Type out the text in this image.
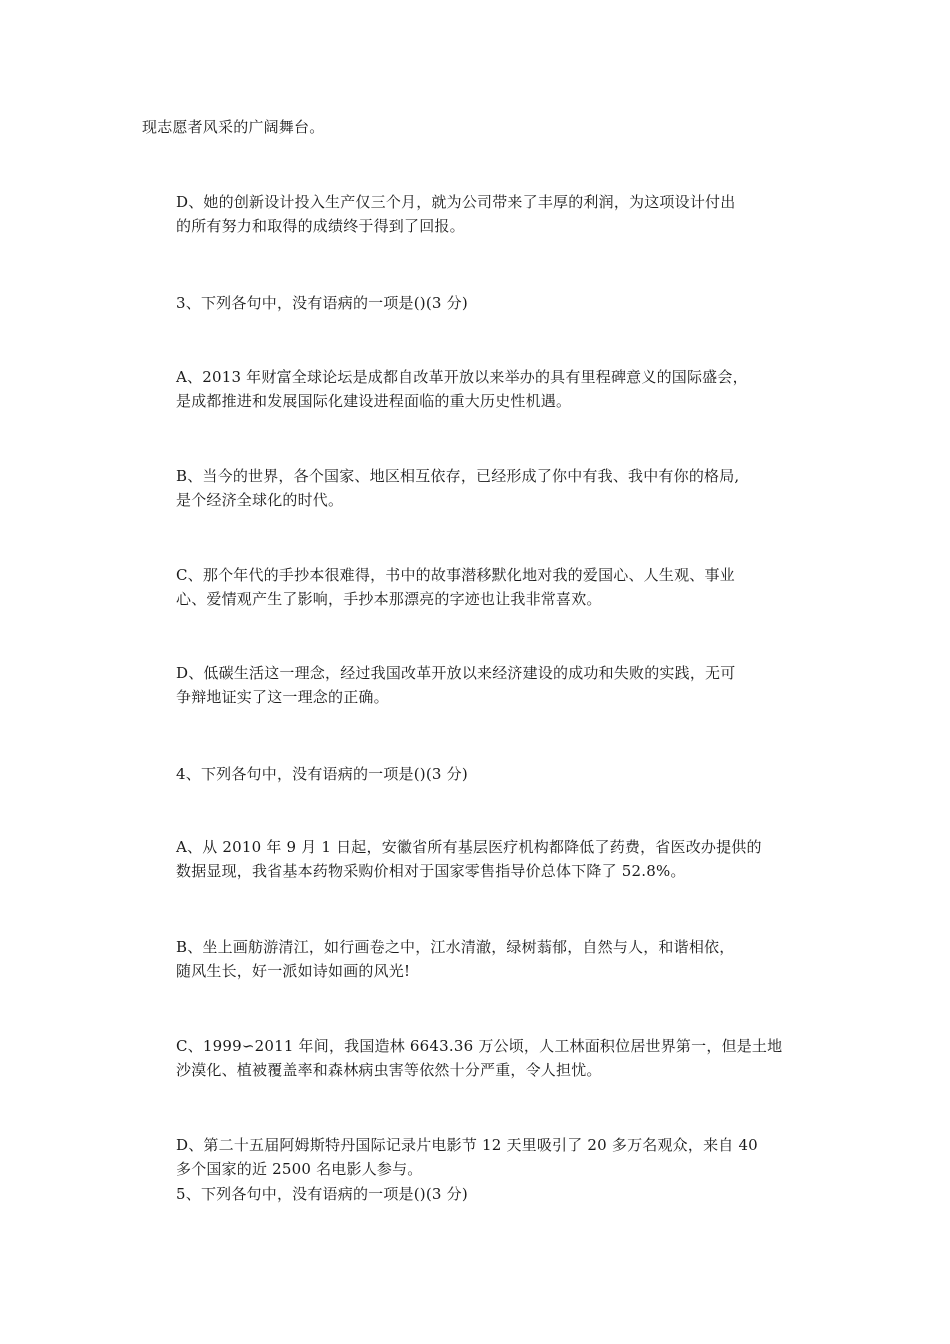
现志愿者风采的广阔舞台。

D、她的创新设计投入生产仅三个月，就为公司带来了丰厚的利润，为这项设计付出
的所有努力和取得的成绩终于得到了回报。

3、下列各句中，没有语病的一项是()(3 分)

A、2013 年财富全球论坛是成都自改革开放以来举办的具有里程碑意义的国际盛会，
是成都推进和发展国际化建设进程面临的重大历史性机遇。

B、当今的世界，各个国家、地区相互依存，已经形成了你中有我、我中有你的格局,
是个经济全球化的时代。

C、那个年代的手抄本很难得，书中的故事潜移默化地对我的爱国心、人生观、事业
心、爱情观产生了影响，手抄本那漂亮的字迹也让我非常喜欢。

D、低碳生活这一理念，经过我国改革开放以来经济建设的成功和失败的实践，无可
争辩地证实了这一理念的正确。

4、下列各句中，没有语病的一项是()(3 分)

A、从 2010 年 9 月 1 日起，安徽省所有基层医疗机构都降低了药费，省医改办提供的
数据显现，我省基本药物采购价相对于国家零售指导价总体下降了 52.8%。

B、坐上画舫游清江，如行画卷之中，江水清澈，绿树蓊郁，自然与人，和谐相依，
随风生长，好一派如诗如画的风光!

C、1999∽2011 年间，我国造林 6643.36 万公顷，人工林面积位居世界第一，但是土地
沙漠化、植被覆盖率和森林病虫害等依然十分严重，令人担忧。

D、第二十五届阿姆斯特丹国际记录片电影节 12 天里吸引了 20 多万名观众，来自 40
多个国家的近 2500 名电影人参与。

5、下列各句中，没有语病的一项是()(3 分)
